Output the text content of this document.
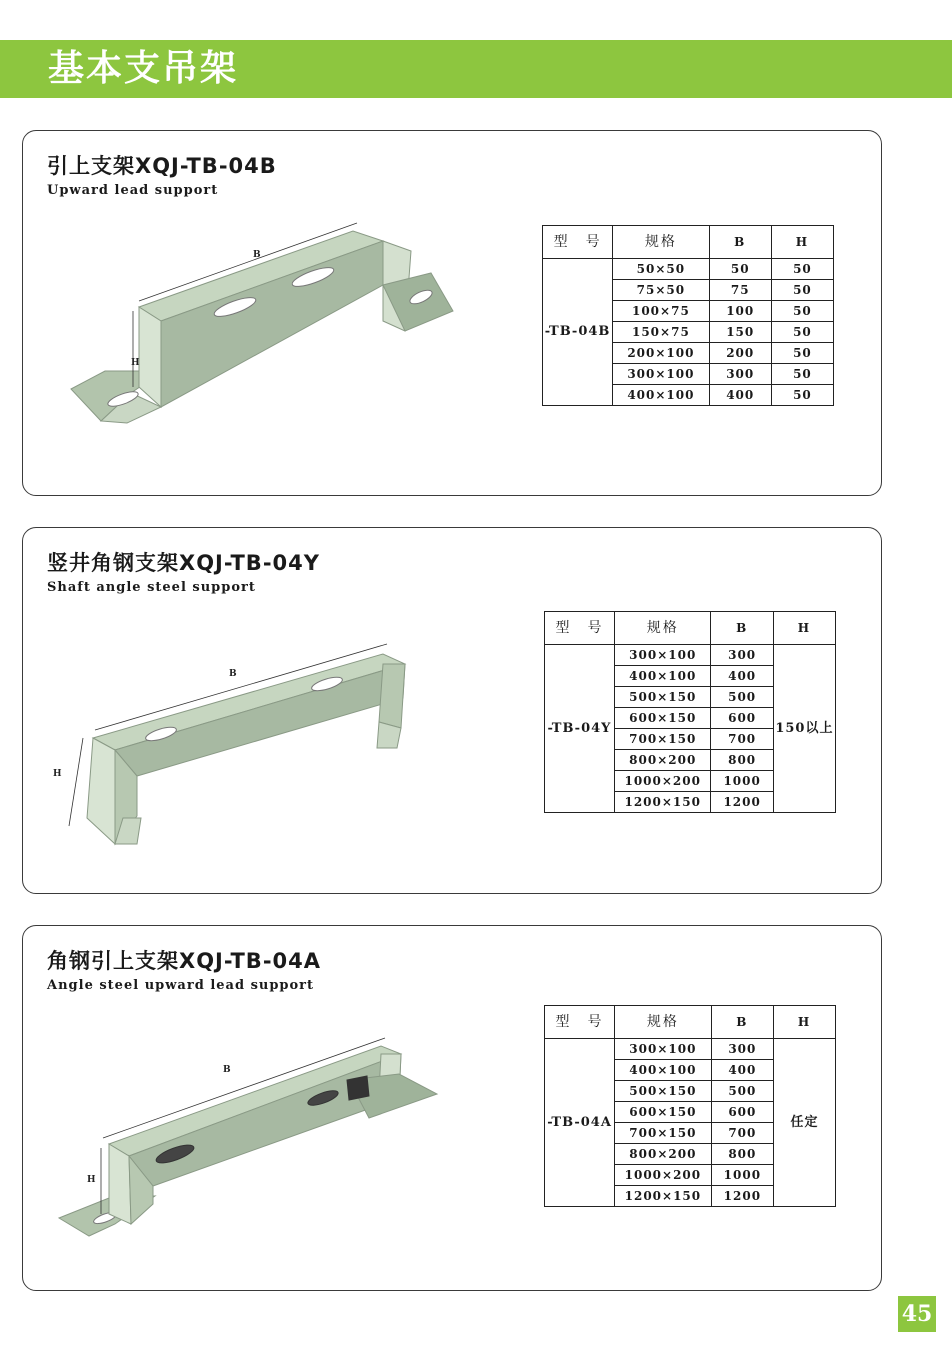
基本支吊架
引上支架XQJ-TB-04B
Upward lead support
B
H
型　号	规格	B	H
-TB-04B	50×50	50	50
	75×50	75	50
	100×75	100	50
	150×75	150	50
	200×100	200	50
	300×100	300	50
	400×100	400	50
竖井角钢支架XQJ-TB-04Y
Shaft angle steel support
B
H
型　号	规格	B	H
-TB-04Y	300×100	300	150以上
	400×100	400	
	500×150	500	
	600×150	600	
	700×150	700	
	800×200	800	
	1000×200	1000	
	1200×150	1200	
角钢引上支架XQJ-TB-04A
Angle steel upward lead support
B
H
型　号	规格	B	H
-TB-04A	300×100	300	任定
	400×100	400	
	500×150	500	
	600×150	600	
	700×150	700	
	800×200	800	
	1000×200	1000	
	1200×150	1200	
45
